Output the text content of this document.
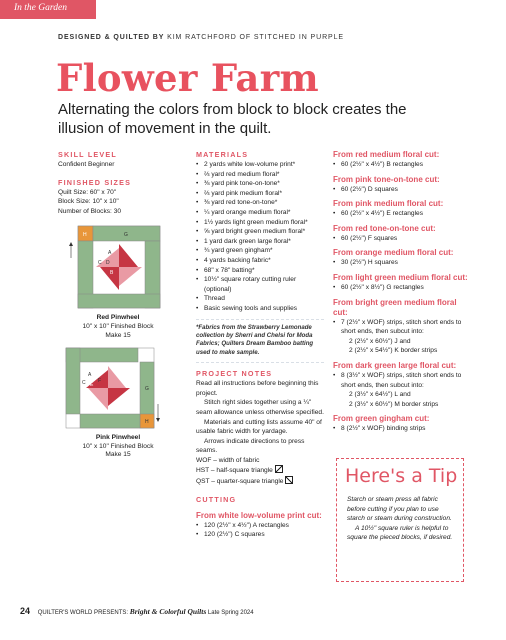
In the Garden
DESIGNED & QUILTED BY KIM RATCHFORD OF STITCHED IN PURPLE
Flower Farm
Alternating the colors from block to block creates the illusion of movement in the quilt.
SKILL LEVEL
Confident Beginner
FINISHED SIZES
Quilt Size: 60" x 70"
Block Size: 10" x 10"
Number of Blocks: 30
H	G
A
C D
B
Red Pinwheel
10" x 10" Finished Block
Make 15
A
C E
F
G
H
Pink Pinwheel
10" x 10" Finished Block
Make 15
MATERIALS
• 2 yards white low-volume print*
• ⅔ yard red medium floral*
• ⅜ yard pink tone-on-tone*
• ⅔ yard pink medium floral*
• ⅜ yard red tone-on-tone*
• ¼ yard orange medium floral*
• 1½ yards light green medium floral*
• ⅝ yard bright green medium floral*
• 1 yard dark green large floral*
• ¾ yard green gingham*
• 4 yards backing fabric*
• 68" x 78" batting*
• 10½" square rotary cutting ruler (optional)
• Thread
• Basic sewing tools and supplies
*Fabrics from the Strawberry Lemonade collection by Sherri and Chelsi for Moda Fabrics; Quilters Dream Bamboo batting used to make sample.
PROJECT NOTES
Read all instructions before beginning this project.
Stitch right sides together using a ¼" seam allowance unless otherwise specified.
Materials and cutting lists assume 40" of usable fabric width for yardage.
Arrows indicate directions to press seams.
WOF – width of fabric
HST – half-square triangle
QST – quarter-square triangle
CUTTING
From white low-volume print cut:
• 120 (2½" x 4½") A rectangles
• 120 (2½") C squares
From red medium floral cut:
• 60 (2½" x 4½") B rectangles
From pink tone-on-tone cut:
• 60 (2½") D squares
From pink medium floral cut:
• 60 (2½" x 4½") E rectangles
From red tone-on-tone cut:
• 60 (2½") F squares
From orange medium floral cut:
• 30 (2½") H squares
From light green medium floral cut:
• 60 (2½" x 8½") G rectangles
From bright green medium floral cut:
• 7 (2½" x WOF) strips, stitch short ends to short ends, then subcut into:
2 (2½" x 60½") J and
2 (2½" x 54½") K border strips
From dark green large floral cut:
• 8 (3½" x WOF) strips, stitch short ends to short ends, then subcut into:
2 (3½" x 64½") L and
2 (3½" x 60½") M border strips
From green gingham cut:
• 8 (2½" x WOF) binding strips
Here's a Tip
Starch or steam press all fabric before cutting if you plan to use starch or steam during construction.
A 10½" square ruler is helpful to square the pieced blocks, if desired.
24 QUILTER'S WORLD PRESENTS: Bright & Colorful Quilts Late Spring 2024
